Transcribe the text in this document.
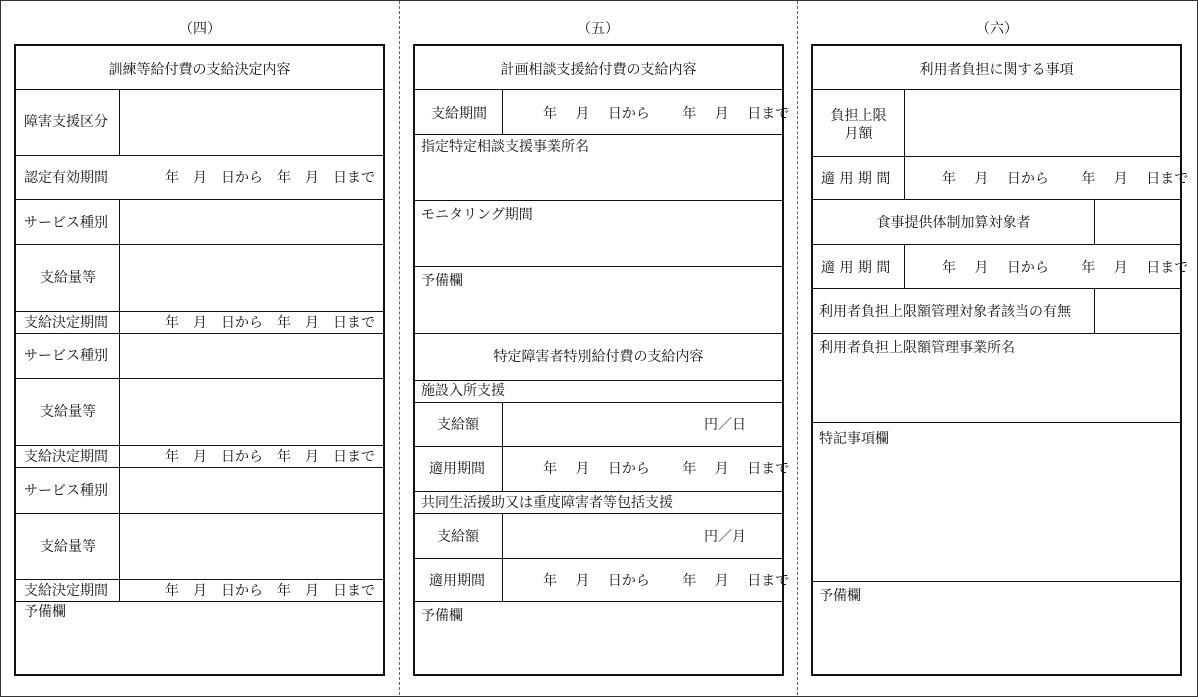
（四）
訓練等給付費の支給決定内容
障害支援区分
認定有効期間	年　月　日から　年　月　日まで
サービス種別
支給量等
支給決定期間	年　月　日から　年　月　日まで
サービス種別
支給量等
支給決定期間	年　月　日から　年　月　日まで
サービス種別
支給量等
支給決定期間	年　月　日から　年　月　日まで
予備欄
（五）
計画相談支援給付費の支給内容
支給期間	年　 月　 日から　　 年　 月　 日まで
指定特定相談支援事業所名
モニタリング期間
予備欄
特定障害者特別給付費の支給内容
施設入所支援
支給額	円／日
適用期間	年　 月　 日から　　 年　 月　 日まで
共同生活援助又は重度障害者等包括支援
支給額	円／月
適用期間	年　 月　 日から　　 年　 月　 日まで
予備欄
（六）
利用者負担に関する事項
負担上限
月額
適 用 期 間	年　 月　 日から　　 年　 月　 日まで
食事提供体制加算対象者
適 用 期 間	年　 月　 日から　　 年　 月　 日まで
利用者負担上限額管理対象者該当の有無
利用者負担上限額管理事業所名
特記事項欄
予備欄
